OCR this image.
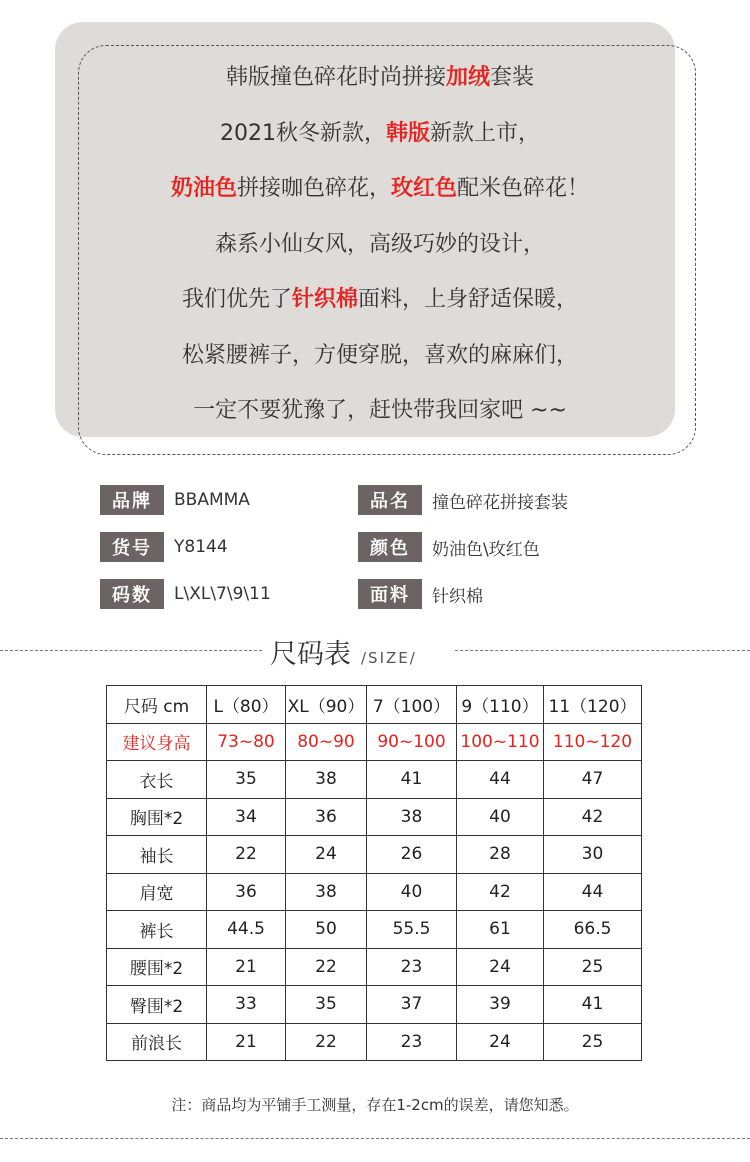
韩版撞色碎花时尚拼接加绒套装
2021秋冬新款，韩版新款上市，
奶油色拼接咖色碎花，玫红色配米色碎花！
森系小仙女风，高级巧妙的设计，
我们优先了针织棉面料，上身舒适保暖，
松紧腰裤子，方便穿脱，喜欢的麻麻们，
一定不要犹豫了，赶快带我回家吧 ~~
品牌	BBAMMA
货号	Y8144
码数	L\XL\7\9\11
品名	撞色碎花拼接套装
颜色	奶油色\玫红色
面料	针织棉
尺码表 /SIZE/
尺码 cm	L（80）	XL（90）	7（100）	9（110）	11（120）
建议身高	73~80	80~90	90~100	100~110	110~120
衣长	35	38	41	44	47
胸围*2	34	36	38	40	42
袖长	22	24	26	28	30
肩宽	36	38	40	42	44
裤长	44.5	50	55.5	61	66.5
腰围*2	21	22	23	24	25
臀围*2	33	35	37	39	41
前浪长	21	22	23	24	25
注：商品均为平铺手工测量，存在1-2cm的误差，请您知悉。
